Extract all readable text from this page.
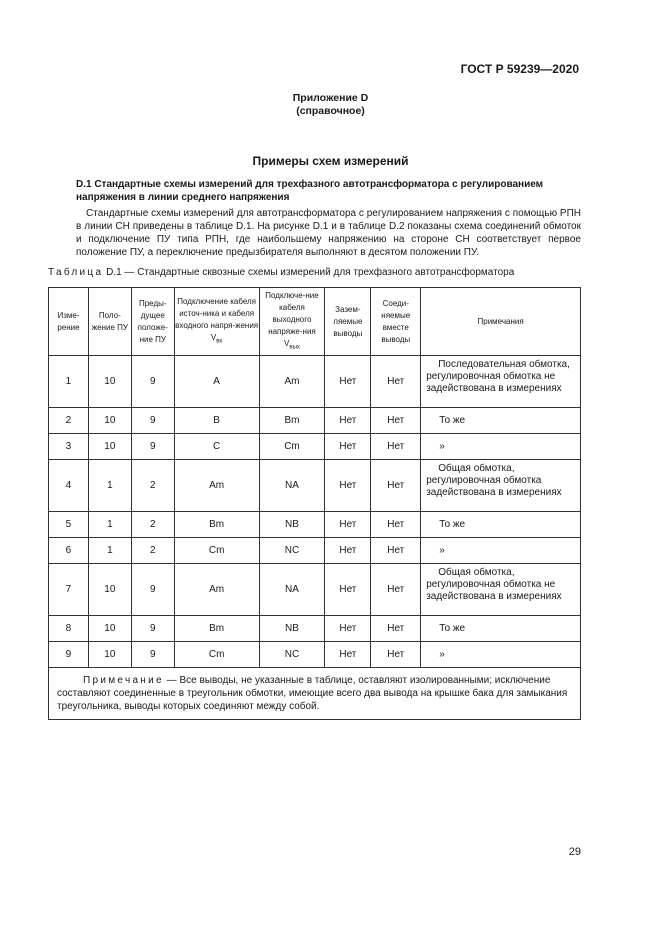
ГОСТ Р 59239—2020
Приложение D
(справочное)
Примеры схем измерений
D.1 Стандартные схемы измерений для трехфазного автотрансформатора с регулированием напряжения в линии среднего напряжения
Стандартные схемы измерений для автотрансформатора с регулированием напряжения с помощью РПН в линии СН приведены в таблице D.1. На рисунке D.1 и в таблице D.2 показаны схема соединений обмоток и подключение ПУ типа РПН, где наибольшему напряжению на стороне СН соответствует первое положение ПУ, а переключение предызбирателя выполняют в десятом положении ПУ.
Таблица D.1 — Стандартные сквозные схемы измерений для трехфазного автотрансформатора
Изме-рение	Поло-жение ПУ	Преды-дущее положе-ние ПУ	Подключение кабеля источ-ника и кабеля входного напря-жения $V_{вх}$	Подключе-ние кабеля выходного напряже-ния $V_{вых}$	Зазем-ляемые выводы	Соеди-няемые вместе выводы	Примечания
1	10	9	A	Am	Нет	Нет	Последовательная обмотка, регулировочная обмотка не задействована в измерениях
2	10	9	B	Bm	Нет	Нет	То же
3	10	9	C	Cm	Нет	Нет	»
4	1	2	Am	NA	Нет	Нет	Общая обмотка, регулировочная обмотка задействована в измерениях
5	1	2	Bm	NB	Нет	Нет	То же
6	1	2	Cm	NC	Нет	Нет	»
7	10	9	Am	NA	Нет	Нет	Общая обмотка, регулировочная обмотка не задействована в измерениях
8	10	9	Bm	NB	Нет	Нет	То же
9	10	9	Cm	NC	Нет	Нет	»
Примечание — Все выводы, не указанные в таблице, оставляют изолированными; исключение составляют соединенные в треугольник обмотки, имеющие всего два вывода на крышке бака для замыкания треугольника, выводы которых соединяют между собой.							
29
